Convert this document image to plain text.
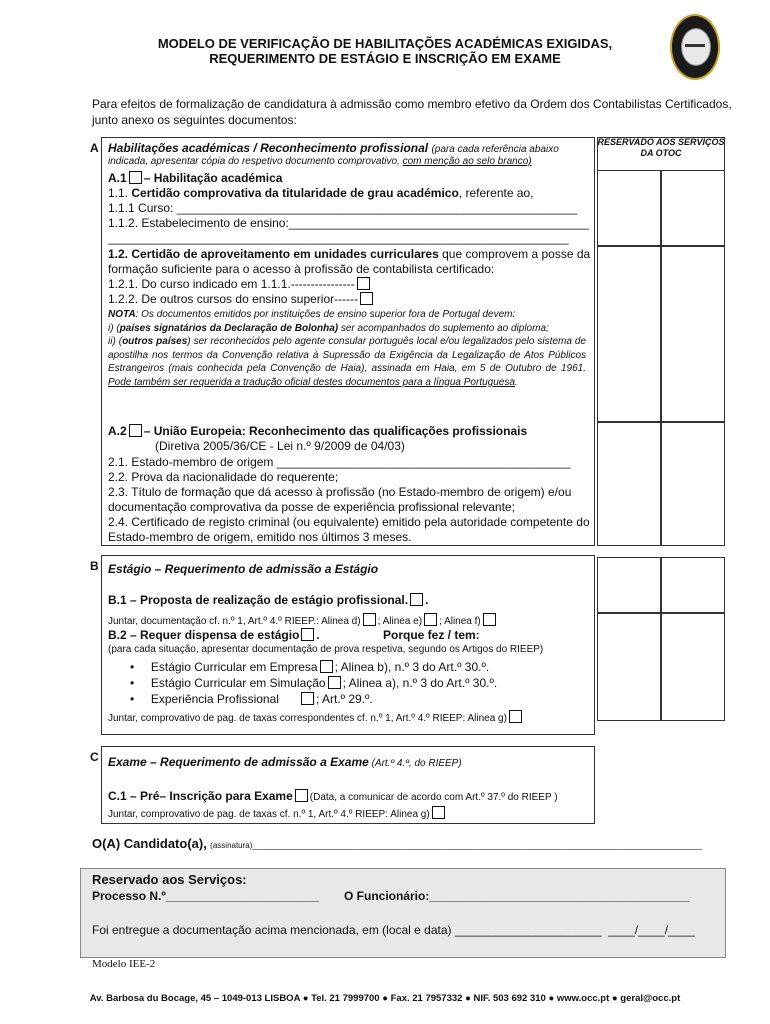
MODELO DE VERIFICAÇÃO DE HABILITAÇÕES ACADÉMICAS EXIGIDAS,
REQUERIMENTO DE ESTÁGIO E INSCRIÇÃO EM EXAME
Para efeitos de formalização de candidatura à admissão como membro efetivo da Ordem dos Contabilistas Certificados, junto anexo os seguintes documentos:
A	RESERVADO AOS SERVIÇOS DA OTOC
Habilitações académicas / Reconhecimento profissional (para cada referência abaixo
indicada, apresentar cópia do respetivo documento comprovativo, com menção ao selo branco)
A.1 – Habilitação académica
1.1. Certidão comprovativa da titularidade de grau académico, referente ao,
1.1.1 Curso: ____________________________________________________________
1.1.2. Estabelecimento de ensino:_____________________________________________
_____________________________________________________________________
1.2. Certidão de aproveitamento em unidades curriculares que comprovem a posse da
formação suficiente para o acesso à profissão de contabilista certificado:
1.2.1. Do curso indicado em 1.1.1.----------------
1.2.2. De outros cursos do ensino superior------
NOTA: Os documentos emitidos por instituições de ensino superior fora de Portugal devem:
i) (países signatários da Declaração de Bolonha) ser acompanhados do suplemento ao diploma;
ii) (outros países) ser reconhecidos pelo agente consular português local e/ou legalizados pelo sistema de apostilha nos termos da Convenção relativa à Supressão da Exigência da Legalização de Atos Públicos Estrangeiros (mais conhecida pela Convenção de Haia), assinada em Haia, em 5 de Outubro de 1961. Pode também ser requerida a tradução oficial destes documentos para a língua Portuguesa.
A.2 – União Europeia: Reconhecimento das qualificações profissionais
(Diretiva 2005/36/CE - Lei n.º 9/2009 de 04/03)
2.1. Estado-membro de origem ____________________________________________
2.2. Prova da nacionalidade do requerente;
2.3. Título de formação que dá acesso à profissão (no Estado-membro de origem) e/ou
documentação comprovativa da posse de experiência profissional relevante;
2.4. Certificado de registo criminal (ou equivalente) emitido pela autoridade competente do
Estado-membro de origem, emitido nos últimos 3 meses.
B Estágio – Requerimento de admissão a Estágio
B.1 – Proposta de realização de estágio profissional. .
Juntar, documentação cf. n.º 1, Art.º 4.º RIEEP.: Alinea d) ; Alinea e) ; Alinea f)
B.2 – Requer dispensa de estágio .	Porque fez / tem:
(para cada situação, apresentar documentação de prova respetiva, segundo os Artigos do RIEEP)
•     Estágio Curricular em Empresa ; Alinea b), n.º 3 do Art.º 30.º.
•     Estágio Curricular em Simulação ; Alinea a), n.º 3 do Art.º 30.º.
•     Experiência Profissional	; Art.º 29.º.
Juntar, comprovativo de pag. de taxas correspondentes cf. n.º 1, Art.º 4.º RIEEP: Alinea g)
C Exame – Requerimento de admissão a Exame (Art.º 4.º, do RIEEP)
C.1 – Pré– Inscrição para Exame (Data, a comunicar de acordo com Art.º 37.º do RIEEP )
Juntar, comprovativo de pag. de taxas cf. n.º 1, Art.º 4.º RIEEP: Alinea g)
O(A) Candidato(a), (assinatura)_____________________________________________________________________________________________________
Reservado aos Serviços:
Processo N.º_______________________ O Funcionário:_______________________________________
Foi entregue a documentação acima mencionada, em (local e data) ______________________ ____/____/____
Modelo IEE-2
Av. Barbosa du Bocage, 45 – 1049-013 LISBOA ● Tel. 21 7999700 ● Fax. 21 7957332 ● NIF. 503 692 310 ● www.occ.pt ● geral@occ.pt
